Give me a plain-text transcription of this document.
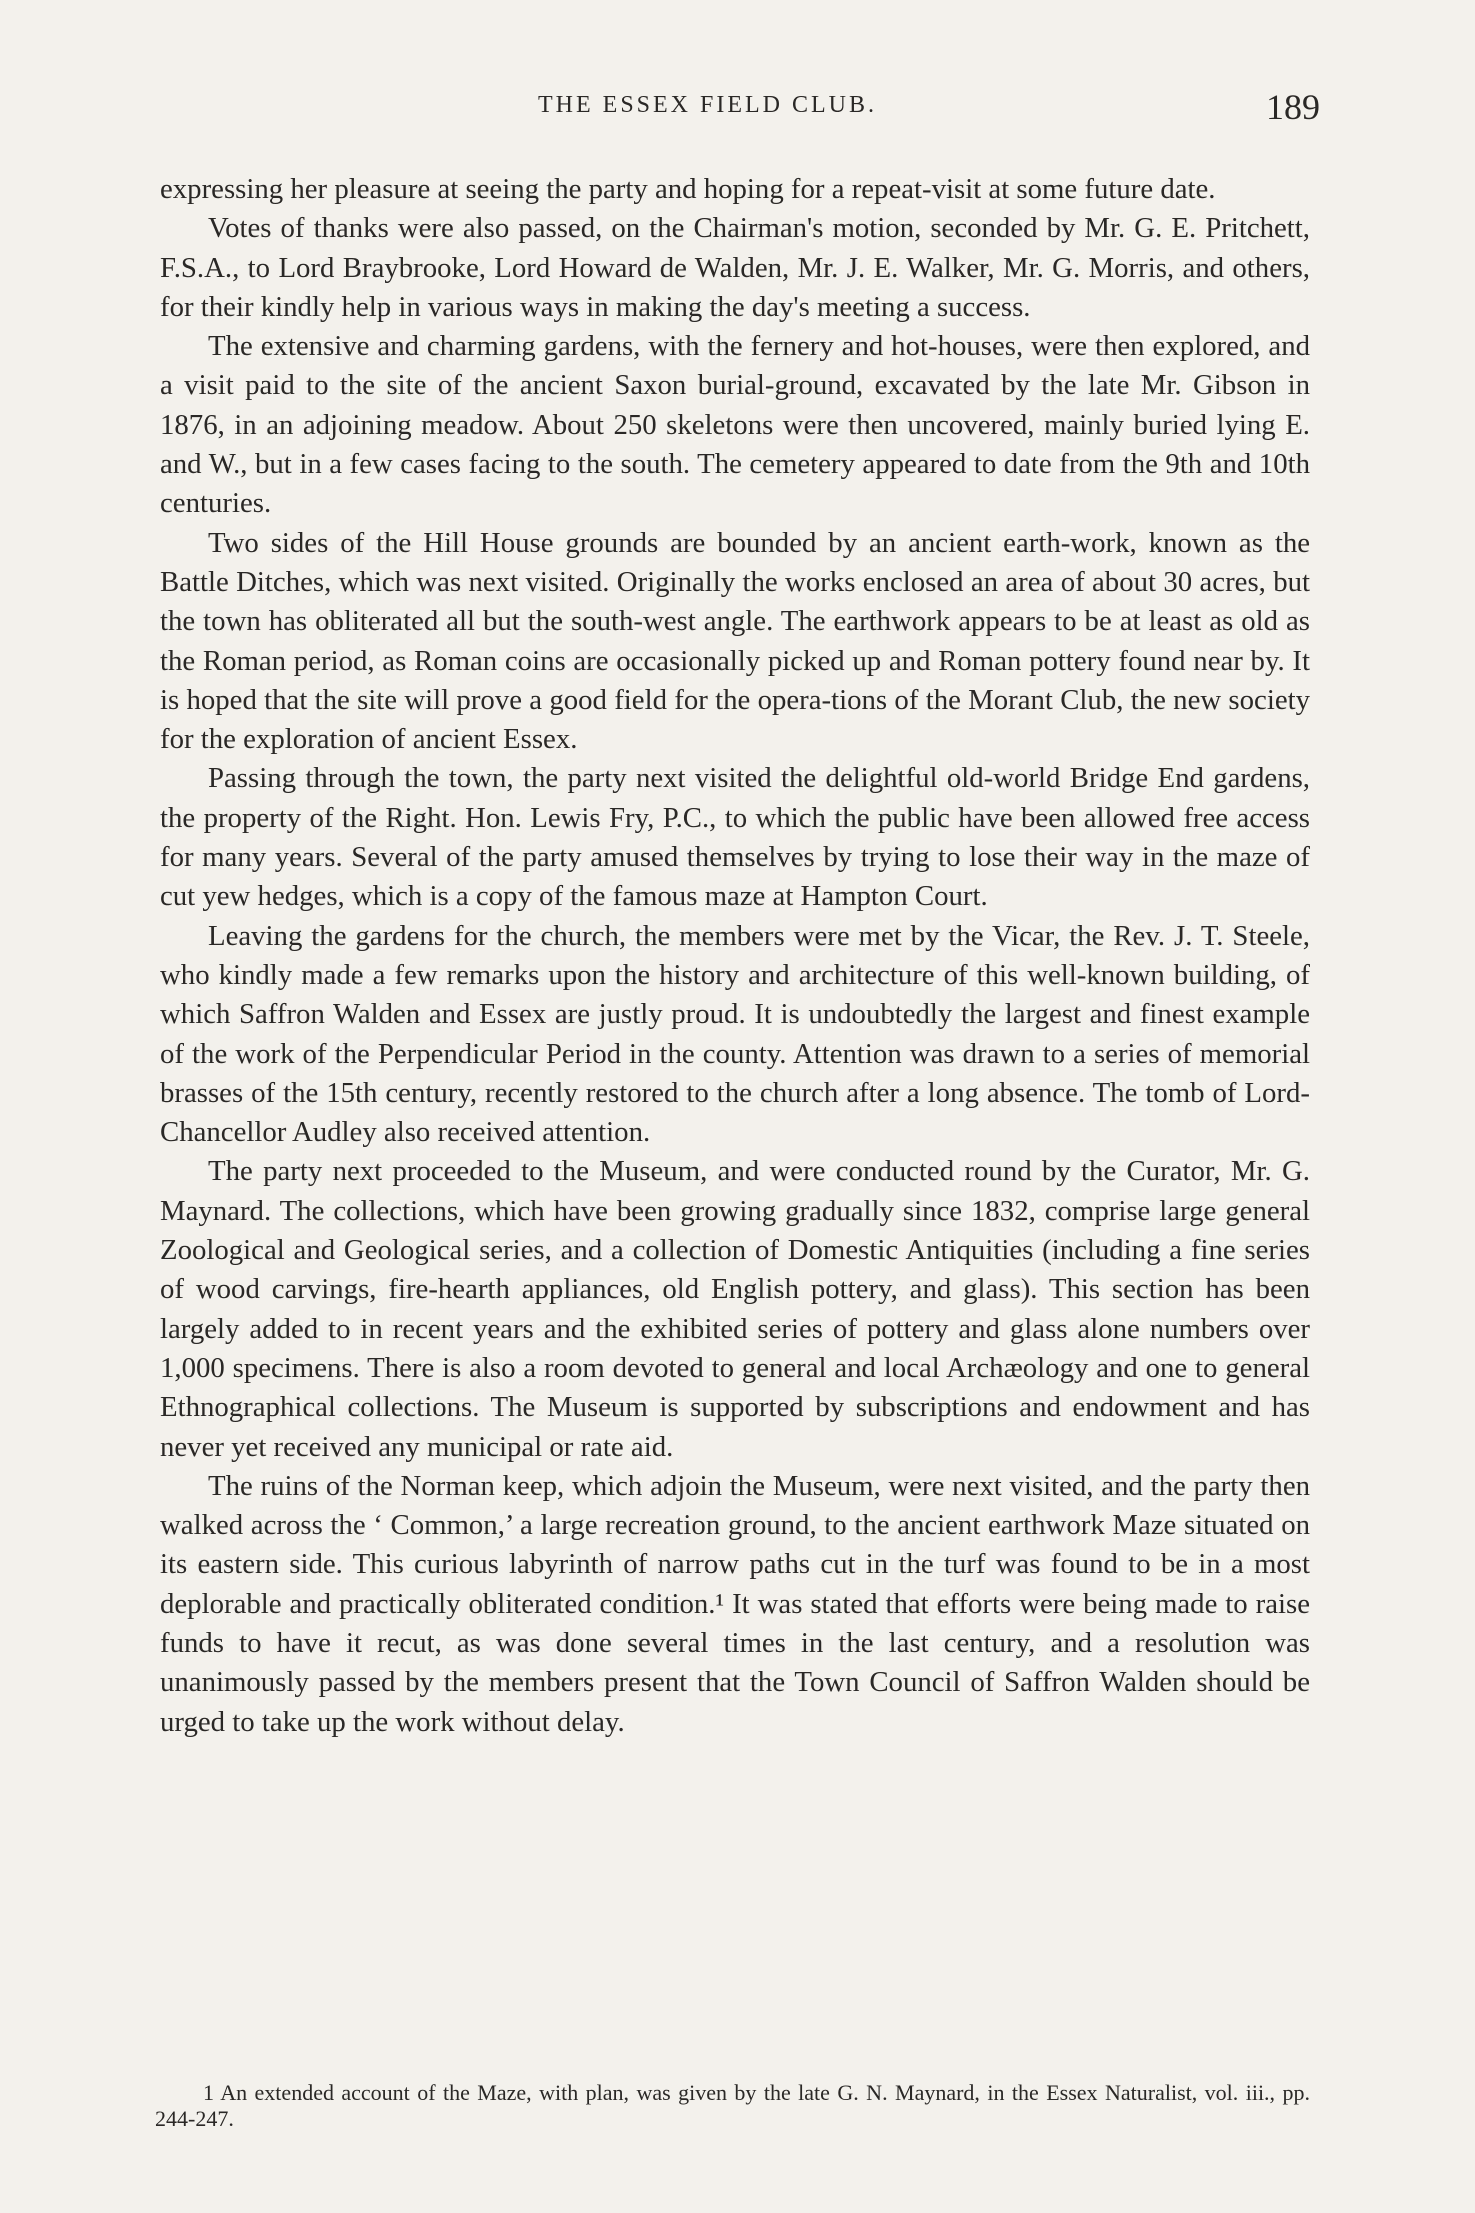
THE ESSEX FIELD CLUB.	189

expressing her pleasure at seeing the party and hoping for a repeat-visit at some future date.

Votes of thanks were also passed, on the Chairman's motion, seconded by Mr. G. E. Pritchett, F.S.A., to Lord Braybrooke, Lord Howard de Walden, Mr. J. E. Walker, Mr. G. Morris, and others, for their kindly help in various ways in making the day's meeting a success.

The extensive and charming gardens, with the fernery and hot-houses, were then explored, and a visit paid to the site of the ancient Saxon burial-ground, excavated by the late Mr. Gibson in 1876, in an adjoining meadow. About 250 skeletons were then uncovered, mainly buried lying E. and W., but in a few cases facing to the south. The cemetery appeared to date from the 9th and 10th centuries.

Two sides of the Hill House grounds are bounded by an ancient earth-work, known as the Battle Ditches, which was next visited. Originally the works enclosed an area of about 30 acres, but the town has obliterated all but the south-west angle. The earthwork appears to be at least as old as the Roman period, as Roman coins are occasionally picked up and Roman pottery found near by. It is hoped that the site will prove a good field for the opera-tions of the Morant Club, the new society for the exploration of ancient Essex.

Passing through the town, the party next visited the delightful old-world Bridge End gardens, the property of the Right. Hon. Lewis Fry, P.C., to which the public have been allowed free access for many years. Several of the party amused themselves by trying to lose their way in the maze of cut yew hedges, which is a copy of the famous maze at Hampton Court.

Leaving the gardens for the church, the members were met by the Vicar, the Rev. J. T. Steele, who kindly made a few remarks upon the history and architecture of this well-known building, of which Saffron Walden and Essex are justly proud. It is undoubtedly the largest and finest example of the work of the Perpendicular Period in the county. Attention was drawn to a series of memorial brasses of the 15th century, recently restored to the church after a long absence. The tomb of Lord-Chancellor Audley also received attention.

The party next proceeded to the Museum, and were conducted round by the Curator, Mr. G. Maynard. The collections, which have been growing gradually since 1832, comprise large general Zoological and Geological series, and a collection of Domestic Antiquities (including a fine series of wood carvings, fire-hearth appliances, old English pottery, and glass). This section has been largely added to in recent years and the exhibited series of pottery and glass alone numbers over 1,000 specimens. There is also a room devoted to general and local Archæology and one to general Ethnographical collections. The Museum is supported by subscriptions and endowment and has never yet received any municipal or rate aid.

The ruins of the Norman keep, which adjoin the Museum, were next visited, and the party then walked across the ‘ Common,’ a large recreation ground, to the ancient earthwork Maze situated on its eastern side. This curious labyrinth of narrow paths cut in the turf was found to be in a most deplorable and practically obliterated condition.¹ It was stated that efforts were being made to raise funds to have it recut, as was done several times in the last century, and a resolution was unanimously passed by the members present that the Town Council of Saffron Walden should be urged to take up the work without delay.

1 An extended account of the Maze, with plan, was given by the late G. N. Maynard, in the Essex Naturalist, vol. iii., pp. 244-247.
